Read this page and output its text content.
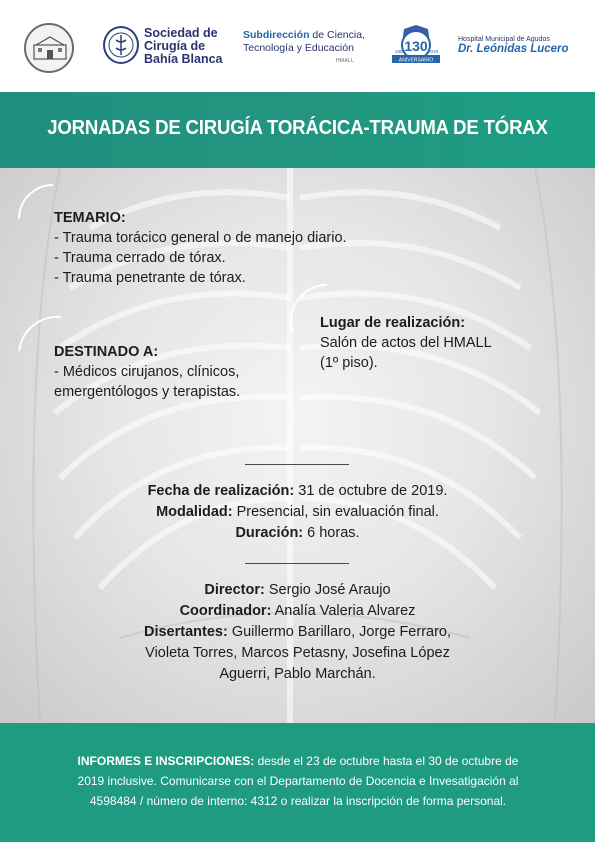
Sociedad de
Cirugía de
Bahía Blanca
Subdirección de Ciencia,
Tecnología y Educación
HMALL
130
ANIVERSARIO
1889	2019
Hospital Municipal de Agudos
Dr. Leónidas Lucero
JORNADAS DE CIRUGÍA TORÁCICA-TRAUMA DE TÓRAX
TEMARIO:
- Trauma torácico general o de manejo diario.
- Trauma cerrado de tórax.
- Trauma penetrante de tórax.
DESTINADO A:
- Médicos cirujanos, clínicos,
emergentólogos y terapistas.
Lugar de realización:
Salón de actos del HMALL
(1º piso).
Fecha de realización: 31 de octubre de 2019.
Modalidad: Presencial, sin evaluación final.
Duración: 6 horas.
Director: Sergio José Araujo
Coordinador: Analía Valeria Alvarez
Disertantes: Guillermo Barillaro, Jorge Ferraro,
Violeta Torres, Marcos Petasny, Josefina López
Aguerri, Pablo Marchán.
INFORMES E INSCRIPCIONES: desde el 23 de octubre hasta el 30 de octubre de
2019 inclusive. Comunicarse con el Departamento de Docencia e Invesatigación al
4598484 / número de interno: 4312 o realizar la inscripción de forma personal.
